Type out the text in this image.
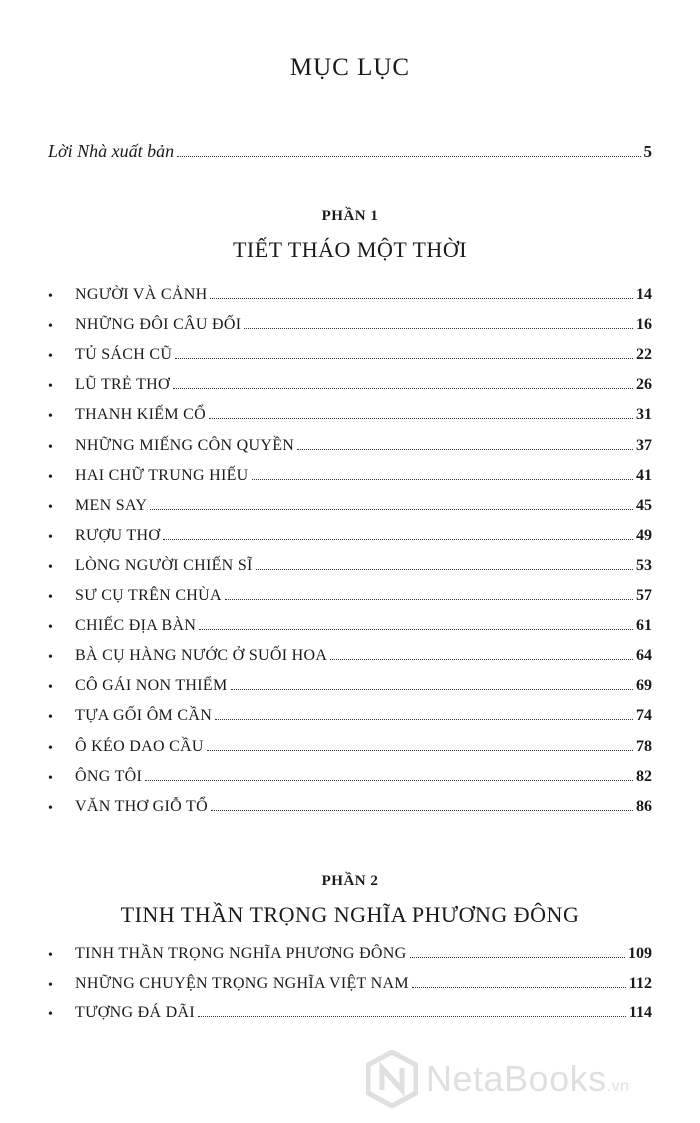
MỤC LỤC
Lời Nhà xuất bản	5
PHẦN 1
TIẾT THÁO MỘT THỜI
• NGƯỜI VÀ CẢNH	14
• NHỮNG ĐÔI CÂU ĐỐI	16
• TỦ SÁCH CŨ	22
• LŨ TRẺ THƠ	26
• THANH KIẾM CỔ	31
• NHỮNG MIẾNG CÔN QUYỀN	37
• HAI CHỮ TRUNG HIẾU	41
• MEN SAY	45
• RƯỢU THƠ	49
• LÒNG NGƯỜI CHIẾN SĨ	53
• SƯ CỤ TRÊN CHÙA	57
• CHIẾC ĐỊA BÀN	61
• BÀ CỤ HÀNG NƯỚC Ở SUỐI HOA	64
• CÔ GÁI NON THIỂM	69
• TỰA GỐI ÔM CẦN	74
• Ô KÉO DAO CẦU	78
• ÔNG TÔI	82
• VĂN THƠ GIỖ TỔ	86
PHẦN 2
TINH THẦN TRỌNG NGHĨA PHƯƠNG ĐÔNG
• TINH THẦN TRỌNG NGHĨA PHƯƠNG ĐÔNG	109
• NHỮNG CHUYỆN TRỌNG NGHĨA VIỆT NAM	112
• TƯỢNG ĐÁ DÃI	114
NetaBooks.vn
